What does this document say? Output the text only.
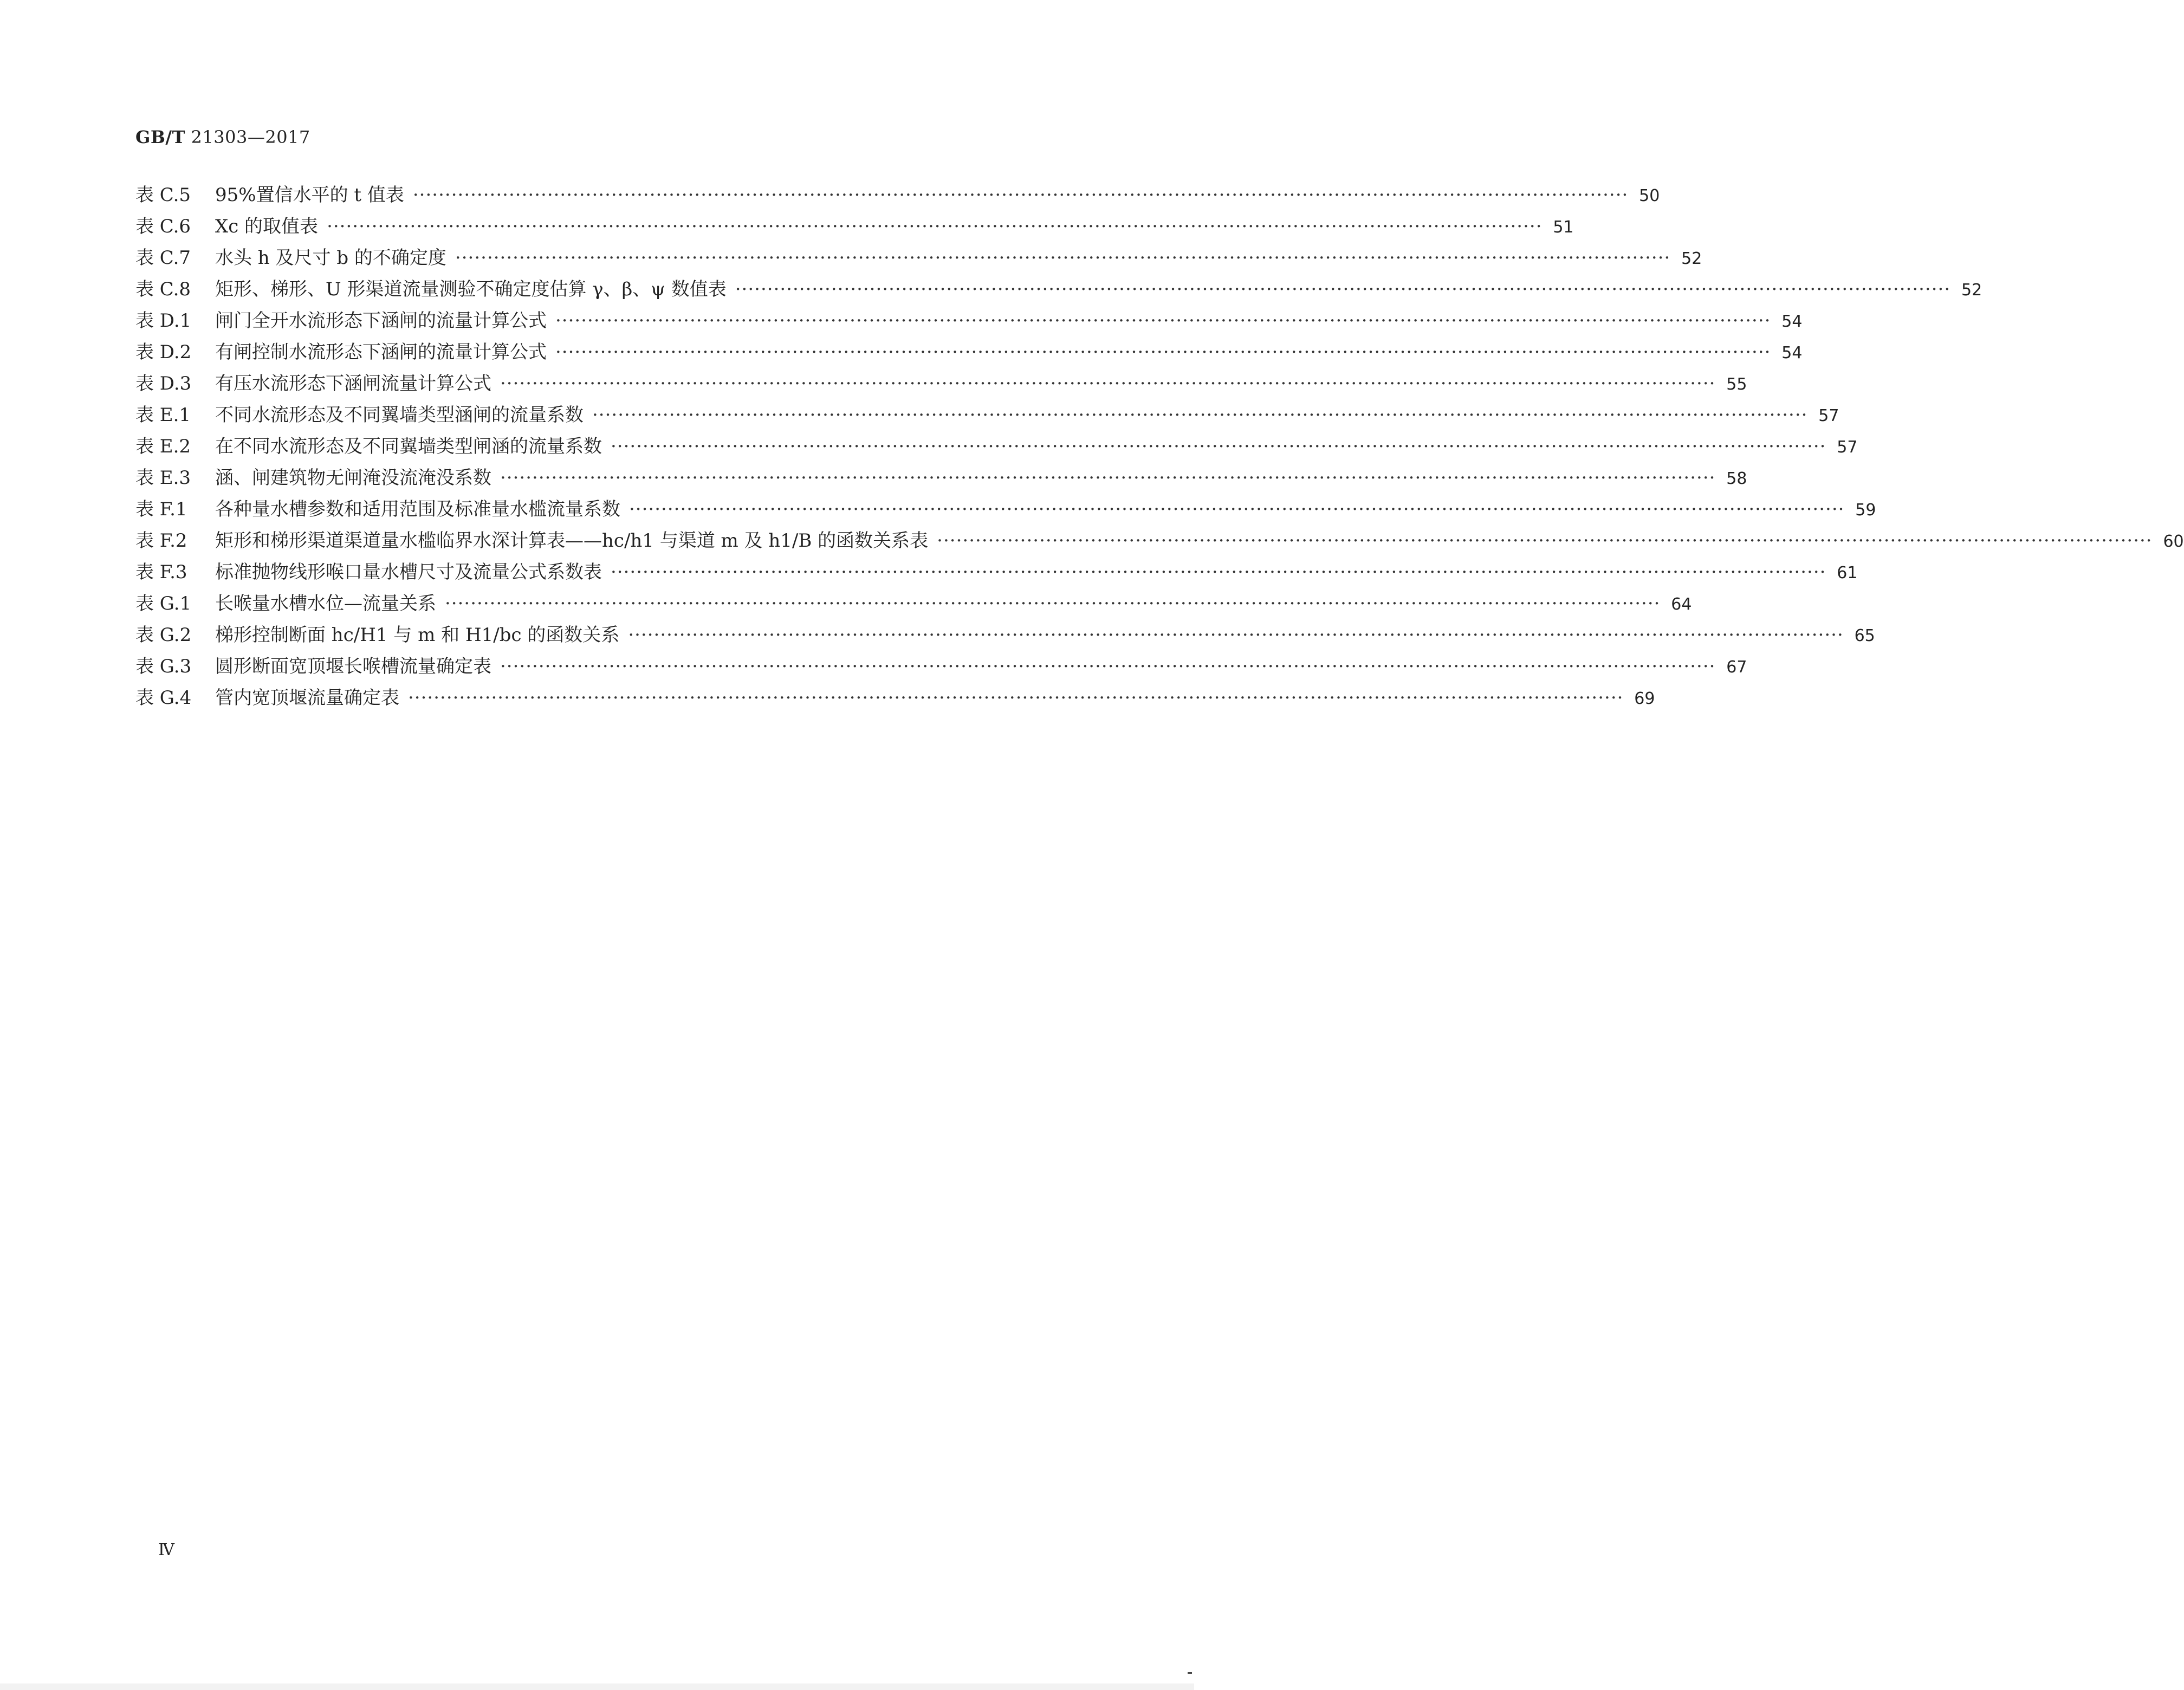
GB/T 21303—2017
表 C.5	95%置信水平的 t 值表 ·····	50
表 C.6	Xc 的取值表 ·····	51
表 C.7	水头 h 及尺寸 b 的不确定度 ·····	52
表 C.8	矩形、梯形、U 形渠道流量测验不确定度估算 γ、β、ψ 数值表 ·····	52
表 D.1	闸门全开水流形态下涵闸的流量计算公式 ·····	54
表 D.2	有闸控制水流形态下涵闸的流量计算公式 ·····	54
表 D.3	有压水流形态下涵闸流量计算公式 ·····	55
表 E.1	不同水流形态及不同翼墙类型涵闸的流量系数 ·····	57
表 E.2	在不同水流形态及不同翼墙类型闸涵的流量系数 ·····	57
表 E.3	涵、闸建筑物无闸淹没流淹没系数 ·····	58
表 F.1	各种量水槽参数和适用范围及标准量水槛流量系数 ·····	59
表 F.2	矩形和梯形渠道渠道量水槛临界水深计算表——hc/h1 与渠道 m 及 h1/B 的函数关系表 ·····	60
表 F.3	标准抛物线形喉口量水槽尺寸及流量公式系数表 ·····	61
表 G.1	长喉量水槽水位—流量关系 ·····	64
表 G.2	梯形控制断面 hc/H1 与 m 和 H1/bc 的函数关系 ·····	65
表 G.3	圆形断面宽顶堰长喉槽流量确定表 ·····	67
表 G.4	管内宽顶堰流量确定表 ·····	69
Ⅳ
